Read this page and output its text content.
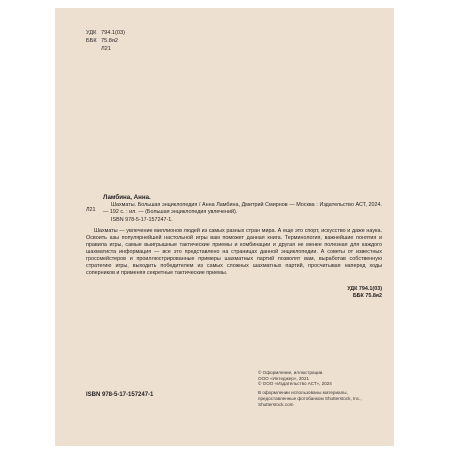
УДК 794.1(03)
ББК 75.8я2
Л21
Ламбина, Анна.
Л21
Шахматы. Большая энциклопедия / Анна Ламбина, Дмитрий Смирнов — Москва : Издательство АСТ, 2024. — 192 с. : ил. — (Большая энциклопедия увлечений).
ISBN 978-5-17-157247-1.
Шахматы — увлечение миллионов людей из самых разных стран мира. А еще это спорт, искусство и даже наука. Освоить азы популярнейшей настольной игры вам поможет данная книга. Терминология, важнейшие понятия и правила игры, самые выигрышные тактические приемы и комбинации и другая не менее полезная для каждого шахматиста информация — все это представлено на страницах данной энциклопедии. А советы от известных гроссмейстеров и проиллюстрированные примеры шахматных партий позволят вам, выработав собственную стратегию игры, выходить победителем из самых сложных шахматных партий, просчитывая наперед ходы соперников и применяя секретные тактические приемы.
УДК 794.1(03)
ББК 75.8я2
© Оформление, иллюстрации.
ООО «Интеджер», 2021
© ООО «Издательство АСТ», 2024
В оформлении использованы материалы,
предоставленные фотобанком Shutterstock, Inc.,
Shutterstock.com
ISBN 978-5-17-157247-1
